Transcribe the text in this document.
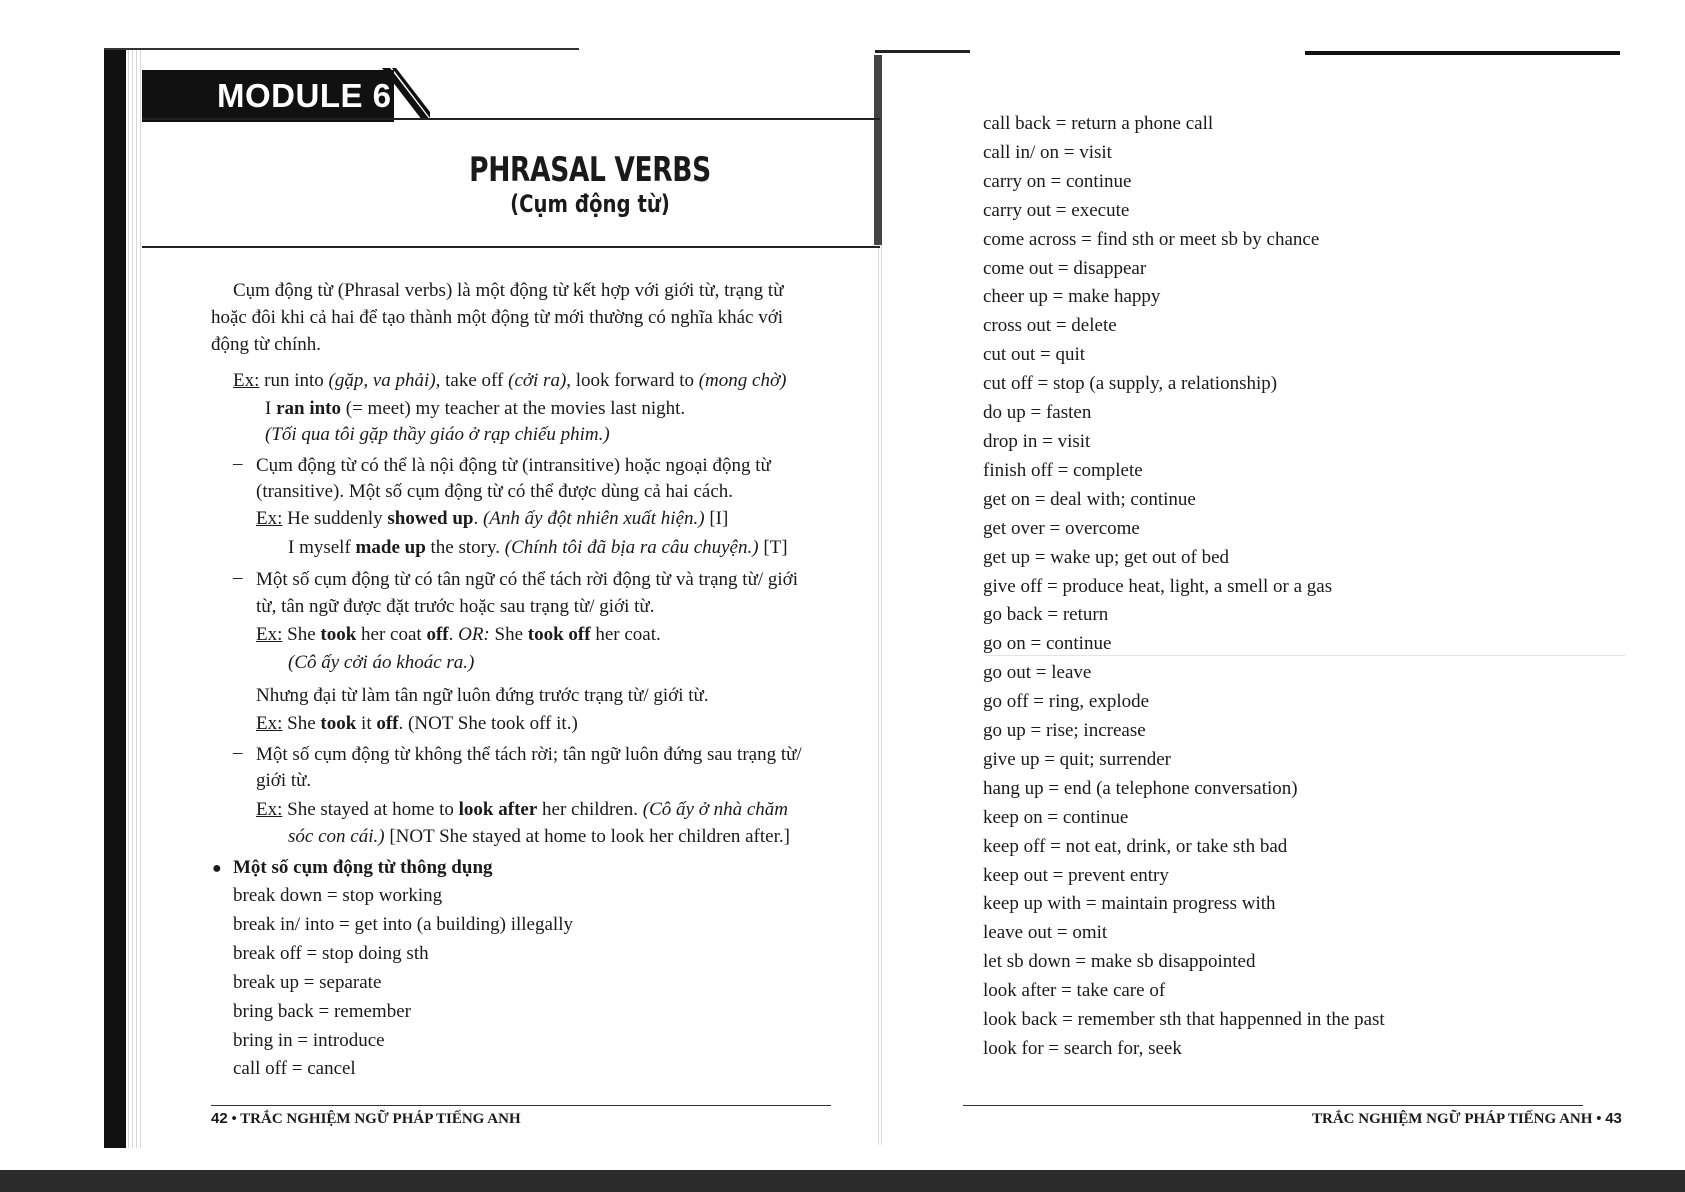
MODULE 6
PHRASAL VERBS
(Cụm động từ)
Cụm động từ (Phrasal verbs) là một động từ kết hợp với giới từ, trạng từ
hoặc đôi khi cả hai để tạo thành một động từ mới thường có nghĩa khác với
động từ chính.
Ex: run into (gặp, va phải), take off (cởi ra), look forward to (mong chờ)
I ran into (= meet) my teacher at the movies last night.
(Tối qua tôi gặp thầy giáo ở rạp chiếu phim.)
– Cụm động từ có thể là nội động từ (intransitive) hoặc ngoại động từ
(transitive). Một số cụm động từ có thể được dùng cả hai cách.
Ex: He suddenly showed up. (Anh ấy đột nhiên xuất hiện.) [I]
I myself made up the story. (Chính tôi đã bịa ra câu chuyện.) [T]
– Một số cụm động từ có tân ngữ có thể tách rời động từ và trạng từ/ giới
từ, tân ngữ được đặt trước hoặc sau trạng từ/ giới từ.
Ex: She took her coat off. OR: She took off her coat.
(Cô ấy cởi áo khoác ra.)
Nhưng đại từ làm tân ngữ luôn đứng trước trạng từ/ giới từ.
Ex: She took it off. (NOT She took off it.)
– Một số cụm động từ không thể tách rời; tân ngữ luôn đứng sau trạng từ/
giới từ.
Ex: She stayed at home to look after her children. (Cô ấy ở nhà chăm
sóc con cái.) [NOT She stayed at home to look her children after.]
● Một số cụm động từ thông dụng
break down = stop working
break in/ into = get into (a building) illegally
break off = stop doing sth
break up = separate
bring back = remember
bring in = introduce
call off = cancel
42 • TRẮC NGHIỆM NGỮ PHÁP TIẾNG ANH
call back = return a phone call
call in/ on = visit
carry on = continue
carry out = execute
come across = find sth or meet sb by chance
come out = disappear
cheer up = make happy
cross out = delete
cut out = quit
cut off = stop (a supply, a relationship)
do up = fasten
drop in = visit
finish off = complete
get on = deal with; continue
get over = overcome
get up = wake up; get out of bed
give off = produce heat, light, a smell or a gas
go back = return
go on = continue
go out = leave
go off = ring, explode
go up = rise; increase
give up = quit; surrender
hang up = end (a telephone conversation)
keep on = continue
keep off = not eat, drink, or take sth bad
keep out = prevent entry
keep up with = maintain progress with
leave out = omit
let sb down = make sb disappointed
look after = take care of
look back = remember sth that happenned in the past
look for = search for, seek
TRẮC NGHIỆM NGỮ PHÁP TIẾNG ANH • 43
